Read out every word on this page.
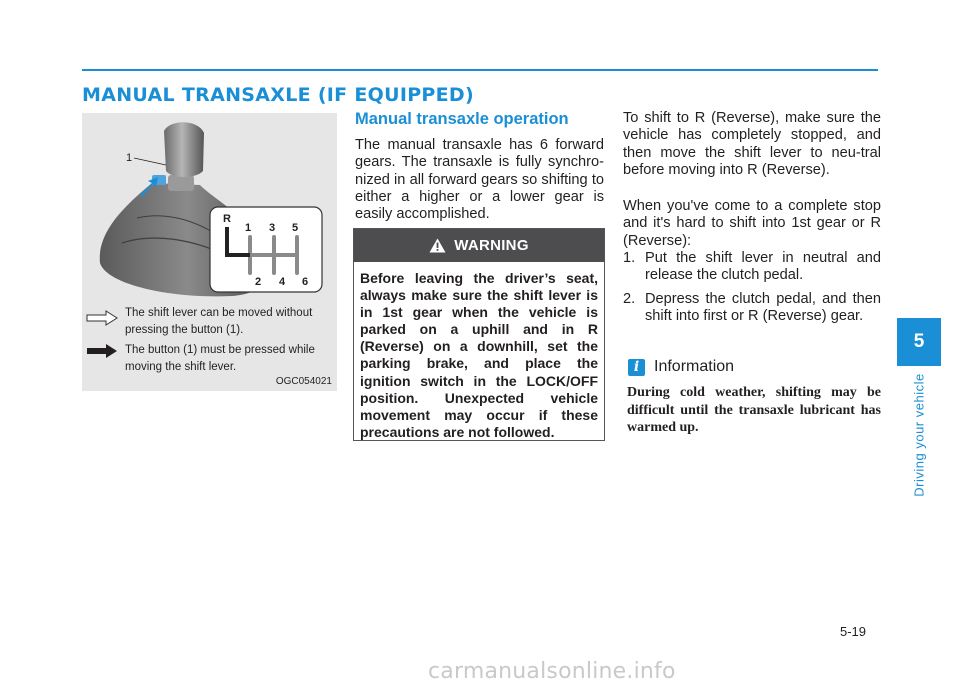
MANUAL TRANSAXLE (IF EQUIPPED)
1
R
1 3 5
2 4 6
The shift lever can be moved without pressing the button (1).
The button (1) must be pressed while moving the shift lever.
OGC054021
Manual transaxle operation

The manual transaxle has 6 forward gears. The transaxle is fully synchro-nized in all forward gears so shifting to either a higher or a lower gear is easily accomplished.

WARNING

Before leaving the driver’s seat, always make sure the shift lever is in 1st gear when the vehicle is parked on a uphill and in R (Reverse) on a downhill, set the parking brake, and place the ignition switch in the LOCK/OFF position. Unexpected vehicle movement may occur if these precautions are not followed.

To shift to R (Reverse), make sure the vehicle has completely stopped, and then move the shift lever to neu-tral before moving into R (Reverse).

When you've come to a complete stop and it's hard to shift into 1st gear or R (Reverse):

1. Put the shift lever in neutral and release the clutch pedal.
2. Depress the clutch pedal, and then shift into first or R (Reverse) gear.
i Information

During cold weather, shifting may be difficult until the transaxle lubricant has warmed up.

5
Driving your vehicle
5-19
carmanualsonline.info
